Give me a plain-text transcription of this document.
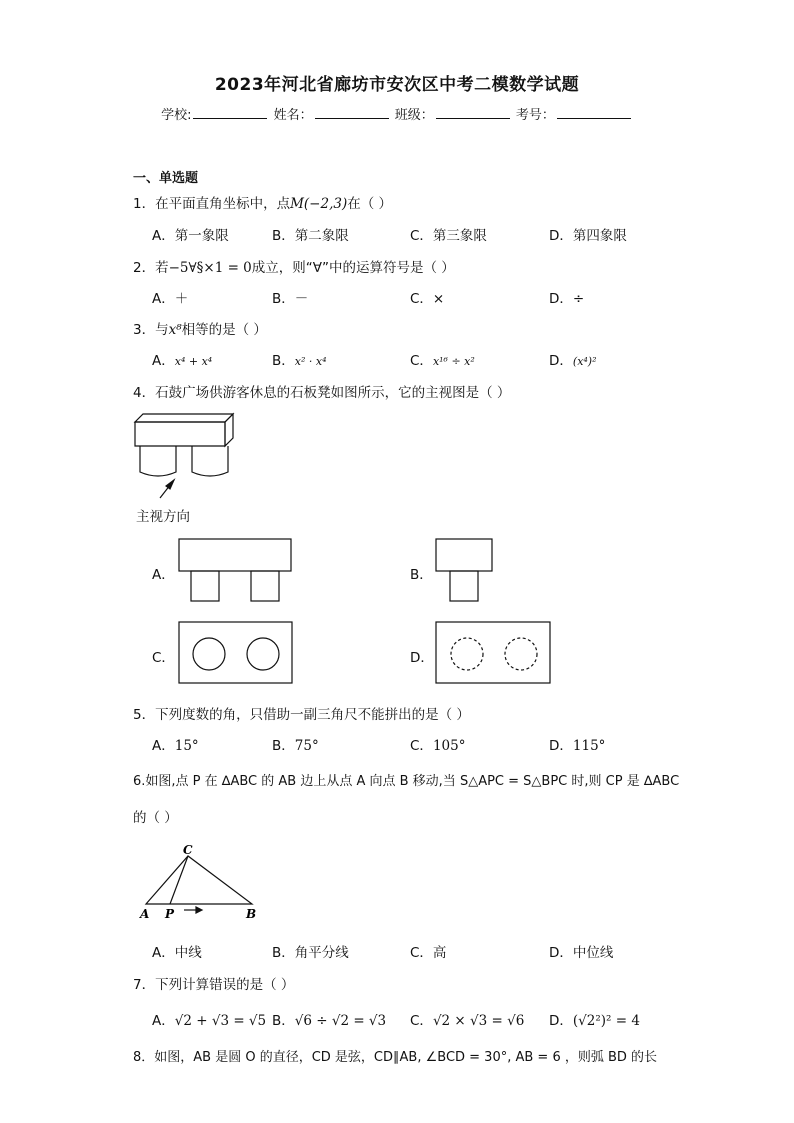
2023年河北省廊坊市安次区中考二模数学试题
学校:	姓名：	班级：	考号：
一、单选题
1．在平面直角坐标中，点M(−2,3)在（ ）
A．第一象限	B．第二象限	C．第三象限	D．第四象限
2．若−5∀§×1 = 0成立，则“∀”中的运算符号是（ ）
A．＋	B．－	C．×	D．÷
3．与x⁸相等的是（ ）
A．x⁴ + x⁴	B．x² · x⁴	C．x¹⁶ ÷ x²	D．(x⁴)²
4．石鼓广场供游客休息的石板凳如图所示，它的主视图是（ ）
主视方向
A．	B．
C．	D．
5．下列度数的角，只借助一副三角尺不能拼出的是（ ）
A．15°	B．75°	C．105°	D．115°
6.如图,点 P 在 ∆ABC 的 AB 边上从点 A 向点 B 移动,当 S△APC = S△BPC 时,则 CP 是 ∆ABC
的（ ）
C
A P	B
A．中线	B．角平分线	C．高	D．中位线
7．下列计算错误的是（ ）
A．√2 + √3 = √5 B．√6 ÷ √2 = √3 C．√2 × √3 = √6 D．(√2²)² = 4
8．如图，AB 是圆 O 的直径，CD 是弦，CD∥AB, ∠BCD = 30°, AB = 6 ，则弧 BD 的长
